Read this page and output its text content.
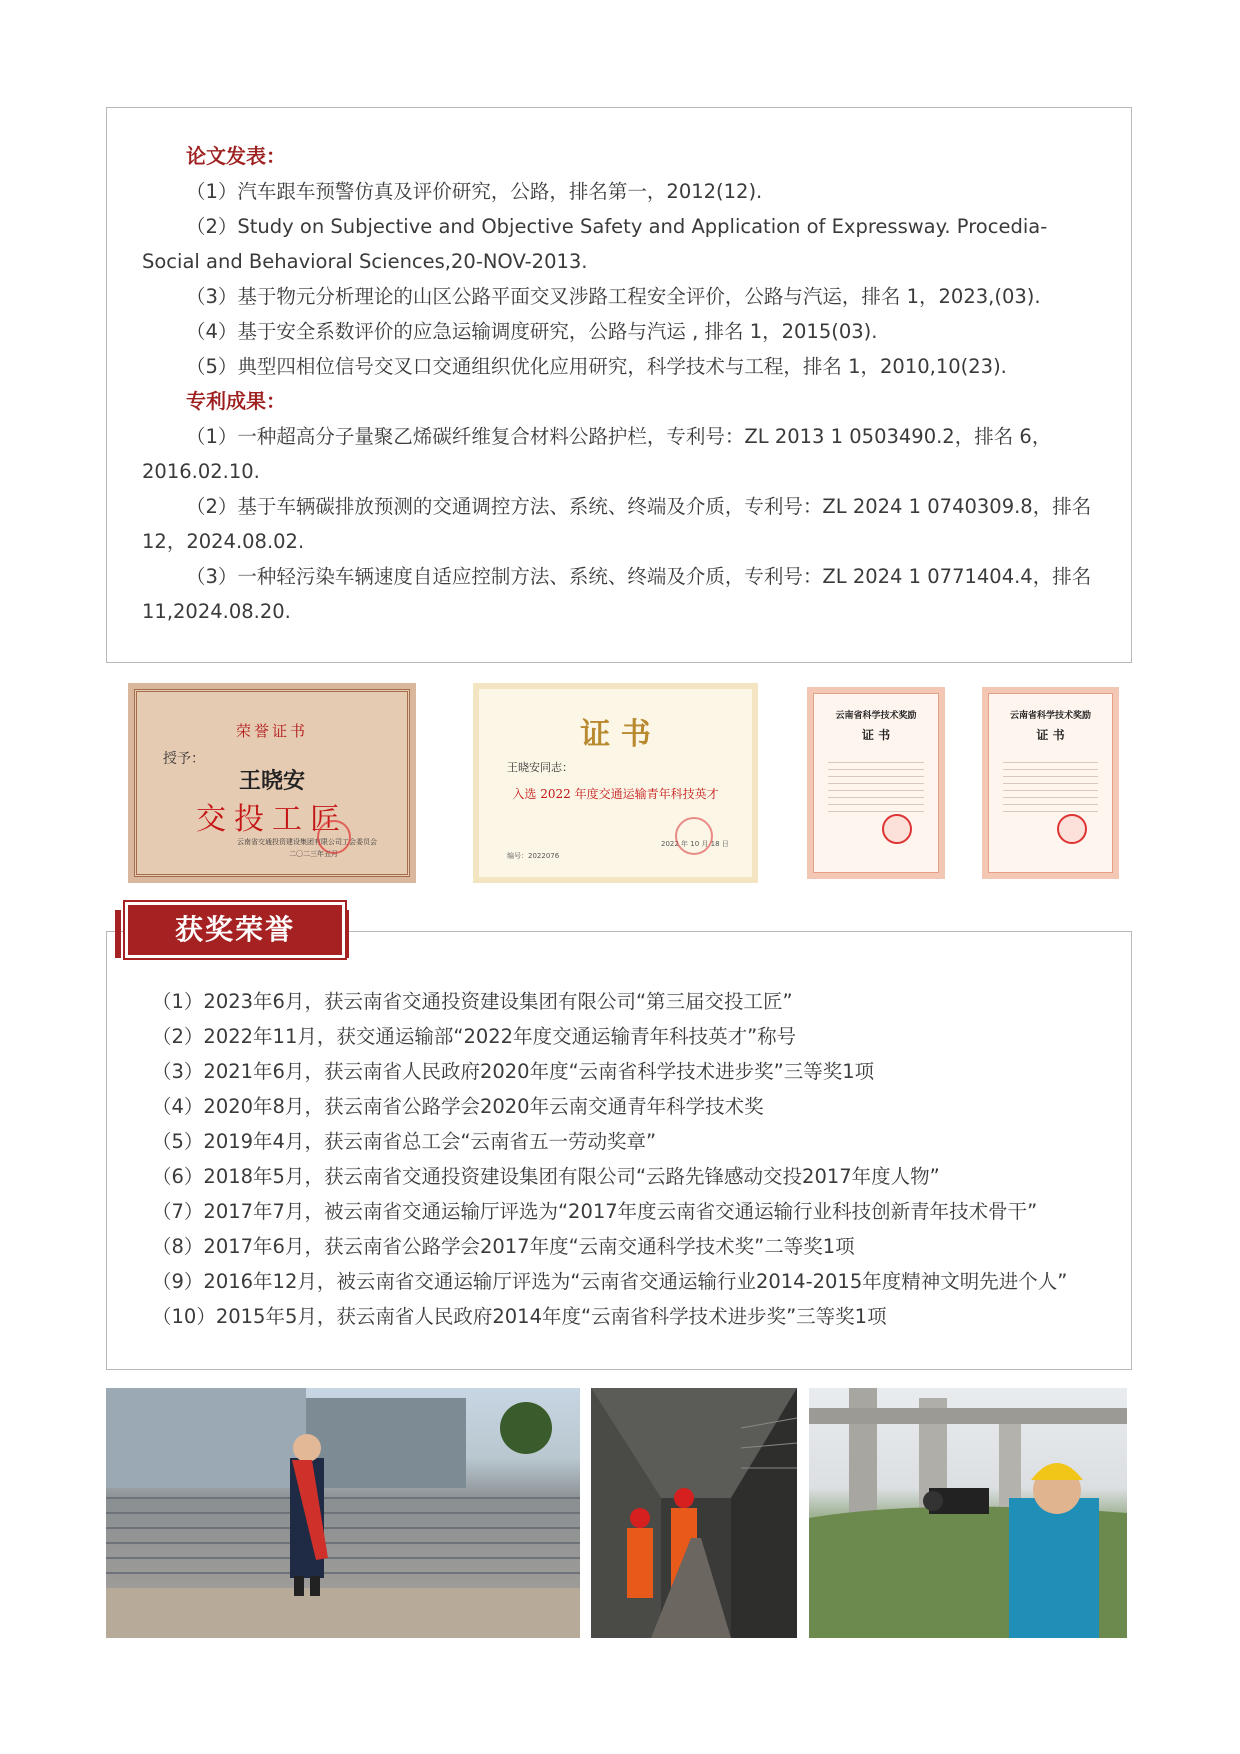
论文发表：
（1）汽车跟车预警仿真及评价研究，公路，排名第一，2012(12).
（2）Study on Subjective and Objective Safety and Application of Expressway. Procedia-Social and Behavioral Sciences,20-NOV-2013.
（3）基于物元分析理论的山区公路平面交叉涉路工程安全评价，公路与汽运，排名 1，2023,(03).
（4）基于安全系数评价的应急运输调度研究，公路与汽运 , 排名 1，2015(03).
（5）典型四相位信号交叉口交通组织优化应用研究，科学技术与工程，排名 1，2010,10(23).
专利成果：
（1）一种超高分子量聚乙烯碳纤维复合材料公路护栏，专利号：ZL 2013 1 0503490.2，排名 6，2016.02.10.
（2）基于车辆碳排放预测的交通调控方法、系统、终端及介质，专利号：ZL 2024 1 0740309.8，排名 12，2024.08.02.
（3）一种轻污染车辆速度自适应控制方法、系统、终端及介质，专利号：ZL 2024 1 0771404.4，排名 11,2024.08.20.
荣誉证书
授予：
王晓安
交投工匠
云南省交通投资建设集团有限公司工会委员会
二〇二三年五月
证 书
王晓安同志：
入选 2022 年度交通运输青年科技英才
编号：2022076
2022 年 10 月 18 日
云南省科学技术奖励
证 书
云南省科学技术奖励
证 书
获奖荣誉
（1）2023年6月，获云南省交通投资建设集团有限公司“第三届交投工匠”
（2）2022年11月，获交通运输部“2022年度交通运输青年科技英才”称号
（3）2021年6月，获云南省人民政府2020年度“云南省科学技术进步奖”三等奖1项
（4）2020年8月，获云南省公路学会2020年云南交通青年科学技术奖
（5）2019年4月，获云南省总工会“云南省五一劳动奖章”
（6）2018年5月，获云南省交通投资建设集团有限公司“云路先锋感动交投2017年度人物”
（7）2017年7月，被云南省交通运输厅评选为“2017年度云南省交通运输行业科技创新青年技术骨干”
（8）2017年6月，获云南省公路学会2017年度“云南交通科学技术奖”二等奖1项
（9）2016年12月，被云南省交通运输厅评选为“云南省交通运输行业2014-2015年度精神文明先进个人”
（10）2015年5月，获云南省人民政府2014年度“云南省科学技术进步奖”三等奖1项
